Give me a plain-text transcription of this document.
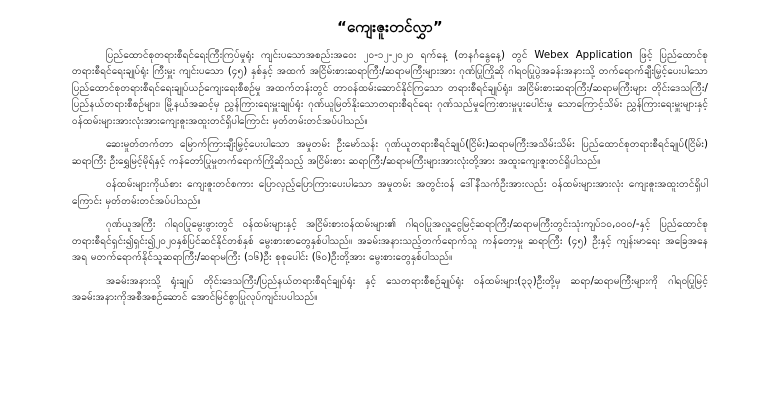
“ကျေးဇူးတင်လွှာ”

ပြည်ထောင်စုတရားစီရင်ရေးကြီးကြပ်မှုရုံး ကျင်းပသောအစည်းအဝေး ၂၀-၁၂-၂၀၂၀ ရက်နေ့ (တနင်္ဂနွေနေ့) တွင် Webex Application ဖြင့် ပြည်ထောင်စုတရားစီရင်ရေးချုပ်ရုံး ကြီးမှူး ကျင်းပသော (၄၅) နှစ်နှင့် အထက် အငြိမ်းစားဆရာကြီး/ဆရာမကြီးများအား ဂုဏ်ပြုကြိုဆို ဂါရဝပြုပွဲအခန်းအနားသို့ တက်ရောက်ချီးမြှင့်ပေးပါသော ပြည်ထောင်စုတရားစီရင်ရေးချုပ်ယဉ်ကျေးရေးစီစဉ်မှု အထက်တန်းတွင် တာဝန်ထမ်းဆောင်နိုင်ကြသော တရားစီရင်ချုပ်ရုံး၊ အငြိမ်းစားဆရာကြီး/ဆရာမကြီးများ တိုင်းဒေသကြီး/ပြည်နယ်တရားစီစဉ်များ၊ မြို့နယ်အဆင့်မှ ညွှန်ကြားရေးမှူးချုပ်ရုံး ဂုဏ်ယူမြတ်နိုးသောတရားစီရင်ရေး ဂုဏ်သည်မှုကြေးစားမှုပူးပေါင်းမှု သောကြောင့်သိမ်း ညွှန်ကြားရေးမှူးများနှင့် ဝန်ထမ်းများအားလုံးအားကျေးဇူးအထူးတင်ရှိပါကြောင်း မှတ်တမ်းတင်အပ်ပါသည်။

ဆေးမှုတ်တက်တာ မြောက်ကြားချီးမြှင့်ပေးပါသော အမှုတမ်း ဦးမော်သန်း ဂုဏ်ယူတရားစီရင်ချုပ်(ငြိမ်း)ဆရာမကြီးအသိမ်းသိမ်း ပြည်ထောင်စုတရားစီရင်ချုပ်(ငြိမ်း) ဆရာကြီး ဦးရွှေမြင့်မိုရ်နှင့် ကန်တော်ပြုမှုတက်ရောက်ကြိုဆိုသည့် အငြိမ်းစား ဆရာကြီး/ဆရာမကြီးများအားလုံးတို့အား အထူးကျေးဇူးတင်ရှိပါသည်။

ဝန်ထမ်းများကိုယ်စား ကျေးဇူးတင်စကား ပြောလှည့်ပြောကြားပေးပါသော အမှုတမ်း အတွင်းဝန် ဒေါ်နီသက်ဦးအားလည်း ဝန်ထမ်းများအားလုံး ကျေးဇူးအထူးတင်ရှိပါကြောင်း မှတ်တမ်းတင်အပ်ပါသည်။

ဂုဏ်ယူအကြီး ဂါရဝပြုမွေးဖွားတွင် ဝန်ထမ်းများနှင့် အငြိမ်းစားဝန်ထမ်းများ၏ ဂါရဝပြုအလှူငွေမြင့်ဆရာကြီး/ဆရာမကြီးတွင်းသုံးကျပ်၁၀,၀၀၀/-နှင့် ပြည်ထောင်စုတရားစီရင်ရှင်း၍ရှင်း၍၂၀၂၀နှစ်ပြင်ဆင်နိုင်တစ်နှစ် မွေးစားစာတွေနှစ်ပါသည်။ အခမ်းအနားသည့်တက်ရောက်သူ ကန်တော့မှု ဆရာကြီး (၄၅) ဦးနှင့် ကျန်းမာရေး အခြေအနေအရ မတက်ရောက်နိုင်သူဆရာကြီး/ဆရာမကြီး (၁၆)ဦး စုစုပေါင်း (၆၀)ဦးတို့အား မွေးစားတွေနှစ်ပါသည်။

အခမ်းအနားသို့ ရုံးချုပ် တိုင်းဒေသကြီး/ပြည်နယ်တရားစီရင်ချုပ်ရုံး နှင့် သေတရားစီစဉ်ချုပ်ရုံး ဝန်ထမ်းများ(၃၃)ဦးတို့မှ ဆရာ/ဆရာမကြီးများကို ဂါရဝပြုမြင့် အခမ်းအနားကိုအစီအစဉ်ဆောင် အောင်မြင်စွာပြုလုပ်ကျင်းပပါသည်။
